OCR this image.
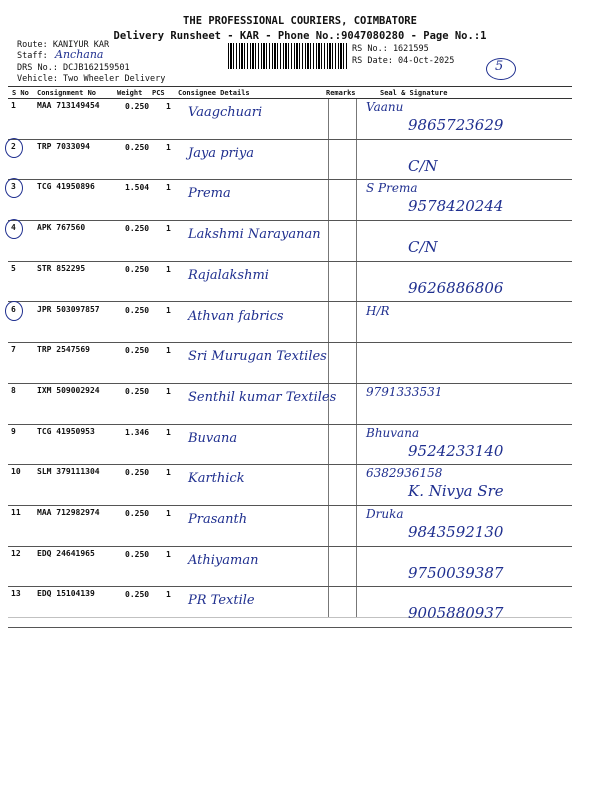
THE PROFESSIONAL COURIERS, COIMBATORE
Delivery Runsheet - KAR - Phone No.:9047080280 - Page No.:1
Route: KANIYUR KAR
Staff: Anchana
DRS No.: DCJB162159501
Vehicle: Two Wheeler Delivery
RS No.: 1621595
RS Date: 04-Oct-2025	5
S No Consignment No	Weight PCS Consignee Details	Remarks	Seal & Signature
1	MAA 713149454	0.250 1 Vaagchuari	Vaanu
9865723629
2	TRP 7033094	0.250 1 Jaya priya
C/N
3	TCG 41950896	1.504 1 Prema	S Prema
9578420244
4	APK 767560	0.250 1 Lakshmi Narayanan
C/N
5	STR 852295	0.250 1 Rajalakshmi
9626886806
6	JPR 503097857	0.250 1 Athvan fabrics	H/R
7	TRP 2547569	0.250 1 Sri Murugan Textiles
8	IXM 509002924	0.250 1 Senthil kumar Textiles 9791333531
9	TCG 41950953	1.346 1 Buvana	Bhuvana
9524233140
10 SLM 379111304	0.250 1 Karthick	6382936158
K. Nivya Sre
11 MAA 712982974	0.250 1 Prasanth	Druka
9843592130
12 EDQ 24641965	0.250 1 Athiyaman
9750039387
13 EDQ 15104139	0.250 1 PR Textile
9005880937
